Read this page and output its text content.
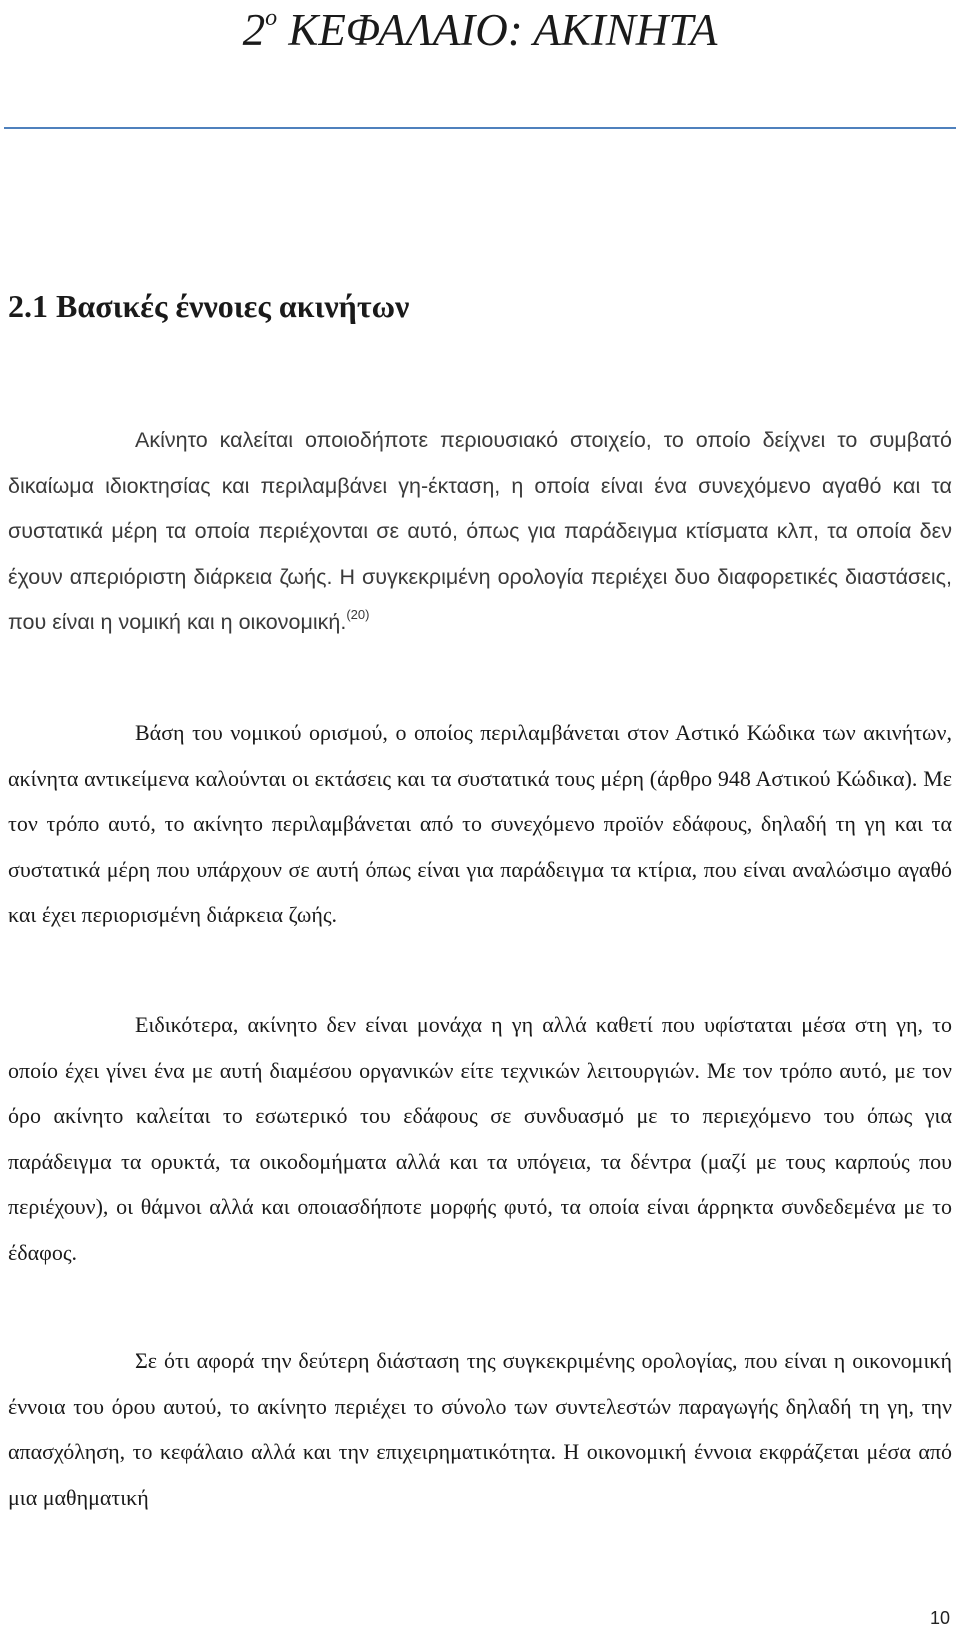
$2^o$ ΚΕΦΑΛΑΙΟ: ΑΚΙΝΗΤΑ
2.1 Βασικές έννοιες ακινήτων

Ακίνητο καλείται οποιοδήποτε περιουσιακό στοιχείο, το οποίο δείχνει το συμβατό δικαίωμα ιδιοκτησίας και περιλαμβάνει γη-έκταση, η οποία είναι ένα συνεχόμενο αγαθό και τα συστατικά μέρη τα οποία περιέχονται σε αυτό, όπως για παράδειγμα κτίσματα κλπ, τα οποία δεν έχουν απεριόριστη διάρκεια ζωής. Η συγκεκριμένη ορολογία περιέχει δυο διαφορετικές διαστάσεις, που είναι η νομική και η οικονομική.$^{(20)}$

Βάση του νομικού ορισμού, ο οποίος περιλαμβάνεται στον Αστικό Κώδικα των ακινήτων, ακίνητα αντικείμενα καλούνται οι εκτάσεις και τα συστατικά τους μέρη (άρθρο 948 Αστικού Κώδικα). Με τον τρόπο αυτό, το ακίνητο περιλαμβάνεται από το συνεχόμενο προϊόν εδάφους, δηλαδή τη γη και τα συστατικά μέρη που υπάρχουν σε αυτή όπως είναι για παράδειγμα τα κτίρια, που είναι αναλώσιμο αγαθό και έχει περιορισμένη διάρκεια ζωής.

Ειδικότερα, ακίνητο δεν είναι μονάχα η γη αλλά καθετί που υφίσταται μέσα στη γη, το οποίο έχει γίνει ένα με αυτή διαμέσου οργανικών είτε τεχνικών λειτουργιών. Με τον τρόπο αυτό, με τον όρο ακίνητο καλείται το εσωτερικό του εδάφους σε συνδυασμό με το περιεχόμενο του όπως για παράδειγμα τα ορυκτά, τα οικοδομήματα αλλά και τα υπόγεια, τα δέντρα (μαζί με τους καρπούς που περιέχουν), οι θάμνοι αλλά και οποιασδήποτε μορφής φυτό, τα οποία είναι άρρηκτα συνδεδεμένα με το έδαφος.

Σε ότι αφορά την δεύτερη διάσταση της συγκεκριμένης ορολογίας, που είναι η οικονομική έννοια του όρου αυτού, το ακίνητο περιέχει το σύνολο των συντελεστών παραγωγής δηλαδή τη γη, την απασχόληση, το κεφάλαιο αλλά και την επιχειρηματικότητα. Η οικονομική έννοια εκφράζεται μέσα από μια μαθηματική

10
